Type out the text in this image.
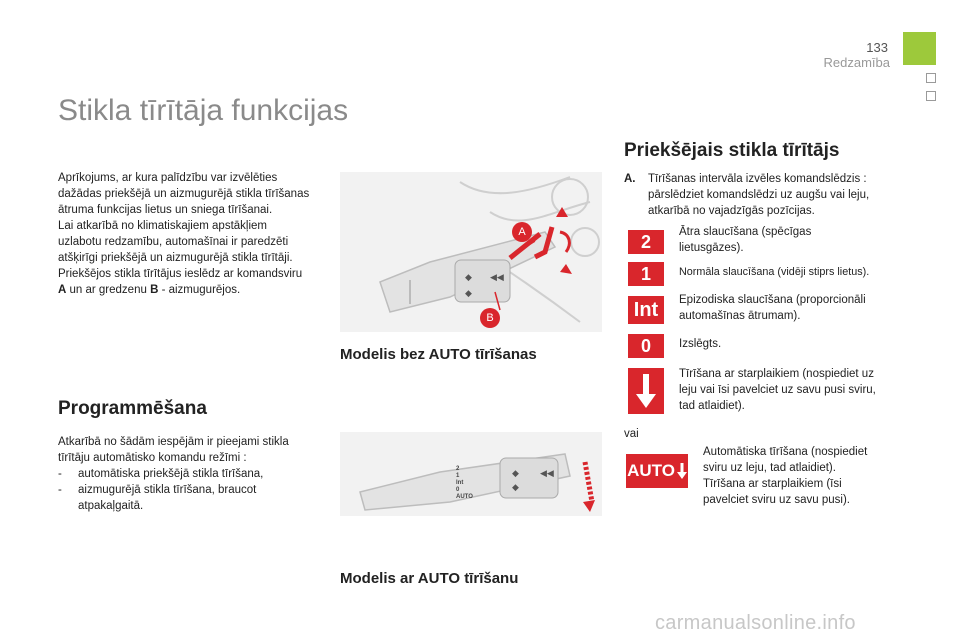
133
Redzamība
Stikla tīrītāja funkcijas
Aprīkojums, ar kura palīdzību var izvēlēties dažādas priekšējā un aizmugurējā stikla tīrīšanas ātruma funkcijas lietus un sniega tīrīšanai.
Lai atkarībā no klimatiskajiem apstākļiem uzlabotu redzamību, automašīnai ir paredzēti atšķirīgi priekšējā un aizmugurējā stikla tīrītāji.
Priekšējos stikla tīrītājus ieslēdz ar komandsviru A un ar gredzenu B - aizmugurējos.
Programmēšana
Atkarībā no šādām iespējām ir pieejami stikla tīrītāju automātisko komandu režīmi :
- automātiska priekšējā stikla tīrīšana,
- aizmugurējā stikla tīrīšana, braucot atpakaļgaitā.
◆ ◀◀
◆
A
B
Modelis bez AUTO tīrīšanas
◆ ◀◀
◆
2
1
Int
0
AUTO
Modelis ar AUTO tīrīšanu
Priekšējais stikla tīrītājs
A.	Tīrīšanas intervāla izvēles komandslēdzis : pārslēdziet komandslēdzi uz augšu vai leju, atkarībā no vajadzīgās pozīcijas.
2	Ātra slaucīšana (spēcīgas lietusgāzes).
1	Normāla slaucīšana (vidēji stiprs lietus).
Int	Epizodiska slaucīšana (proporcionāli automašīnas ātrumam).
0	Izslēgts.
Tīrīšana ar starplaikiem (nospiediet uz leju vai īsi pavelciet uz savu pusi sviru, tad atlaidiet).
vai
AUTO
Automātiska tīrīšana (nospiediet sviru uz leju, tad atlaidiet).
Tīrīšana ar starplaikiem (īsi pavelciet sviru uz savu pusi).
carmanualsonline.info
